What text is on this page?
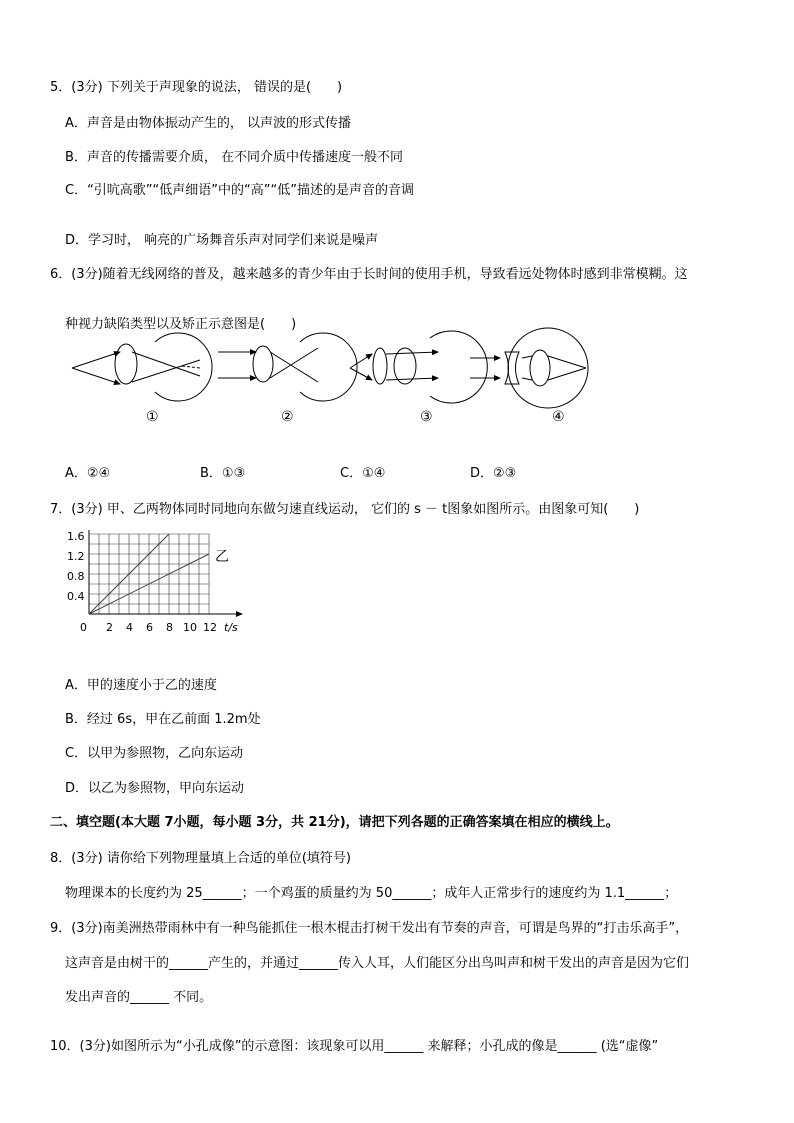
5．(3分) 下列关于声现象的说法， 错误的是(　　)
A．声音是由物体振动产生的， 以声波的形式传播
B．声音的传播需要介质， 在不同介质中传播速度一般不同
C．“引吭高歌”“低声细语”中的“高”“低”描述的是声音的音调
D．学习时， 响亮的广场舞音乐声对同学们来说是噪声
6．(3分)随着无线网络的普及，越来越多的青少年由于长时间的使用手机，导致看远处物体时感到非常模糊。这
种视力缺陷类型以及矫正示意图是(　　)
①	②	③	④
A．②④	B．①③	C．①④	D．②③
7．(3分) 甲、乙两物体同时同地向东做匀速直线运动， 它们的 s － t图象如图所示。由图象可知(　　)
1.6
1.2
0.8
0.4
0 2 4 6 8 10 12 t/s
乙
A．甲的速度小于乙的速度
B．经过 6s，甲在乙前面 1.2m处
C．以甲为参照物，乙向东运动
D．以乙为参照物，甲向东运动
二、填空题(本大题 7小题，每小题 3分，共 21分)，请把下列各题的正确答案填在相应的横线上。
8．(3分) 请你给下列物理量填上合适的单位(填符号)
物理课本的长度约为 25______；一个鸡蛋的质量约为 50______；成年人正常步行的速度约为 1.1______；
9．(3分)南美洲热带雨林中有一种鸟能抓住一根木棍击打树干发出有节奏的声音，可谓是鸟界的“打击乐高手”，
这声音是由树干的______产生的，并通过______传入人耳，人们能区分出鸟叫声和树干发出的声音是因为它们
发出声音的______ 不同。
10．(3分)如图所示为“小孔成像”的示意图：该现象可以用______ 来解释；小孔成的像是______ (选“虚像”
